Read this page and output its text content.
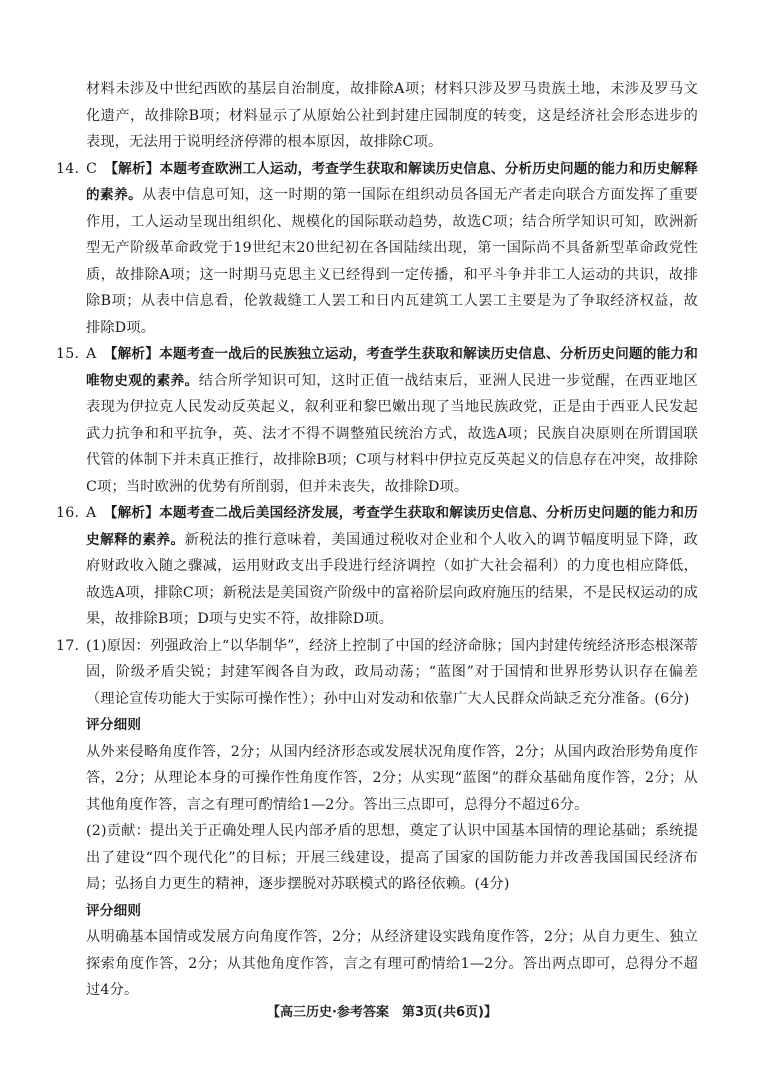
材料未涉及中世纪西欧的基层自治制度，故排除A项；材料只涉及罗马贵族土地，未涉及罗马文化遗产，故排除B项；材料显示了从原始公社到封建庄园制度的转变，这是经济社会形态进步的表现，无法用于说明经济停滞的根本原因，故排除C项。

14. C  【解析】本题考查欧洲工人运动，考查学生获取和解读历史信息、分析历史问题的能力和历史解释的素养。从表中信息可知，这一时期的第一国际在组织动员各国无产者走向联合方面发挥了重要作用，工人运动呈现出组织化、规模化的国际联动趋势，故选C项；结合所学知识可知，欧洲新型无产阶级革命政党于19世纪末20世纪初在各国陆续出现，第一国际尚不具备新型革命政党性质，故排除A项；这一时期马克思主义已经得到一定传播，和平斗争并非工人运动的共识，故排除B项；从表中信息看，伦敦裁缝工人罢工和日内瓦建筑工人罢工主要是为了争取经济权益，故排除D项。
15. A  【解析】本题考查一战后的民族独立运动，考查学生获取和解读历史信息、分析历史问题的能力和唯物史观的素养。结合所学知识可知，这时正值一战结束后，亚洲人民进一步觉醒，在西亚地区表现为伊拉克人民发动反英起义，叙利亚和黎巴嫩出现了当地民族政党，正是由于西亚人民发起武力抗争和和平抗争，英、法才不得不调整殖民统治方式，故选A项；民族自决原则在所谓国联代管的体制下并未真正推行，故排除B项；C项与材料中伊拉克反英起义的信息存在冲突，故排除C项；当时欧洲的优势有所削弱，但并未丧失，故排除D项。
16. A  【解析】本题考查二战后美国经济发展，考查学生获取和解读历史信息、分析历史问题的能力和历史解释的素养。新税法的推行意味着，美国通过税收对企业和个人收入的调节幅度明显下降，政府财政收入随之骤减，运用财政支出手段进行经济调控（如扩大社会福利）的力度也相应降低，故选A项，排除C项；新税法是美国资产阶级中的富裕阶层向政府施压的结果，不是民权运动的成果，故排除B项；D项与史实不符，故排除D项。
17. (1)原因：列强政治上“以华制华”，经济上控制了中国的经济命脉；国内封建传统经济形态根深蒂固，阶级矛盾尖锐；封建军阀各自为政，政局动荡；“蓝图”对于国情和世界形势认识存在偏差（理论宣传功能大于实际可操作性）；孙中山对发动和依靠广大人民群众尚缺乏充分准备。(6分)

评分细则

从外来侵略角度作答，2分；从国内经济形态或发展状况角度作答，2分；从国内政治形势角度作答，2分；从理论本身的可操作性角度作答，2分；从实现“蓝图”的群众基础角度作答，2分；从其他角度作答，言之有理可酌情给1—2分。答出三点即可，总得分不超过6分。

(2)贡献：提出关于正确处理人民内部矛盾的思想，奠定了认识中国基本国情的理论基础；系统提出了建设“四个现代化”的目标；开展三线建设，提高了国家的国防能力并改善我国国民经济布局；弘扬自力更生的精神，逐步摆脱对苏联模式的路径依赖。(4分)

评分细则

从明确基本国情或发展方向角度作答，2分；从经济建设实践角度作答，2分；从自力更生、独立探索角度作答，2分；从其他角度作答，言之有理可酌情给1—2分。答出两点即可，总得分不超过4分。

【高三历史·参考答案　第3页(共6页)】
